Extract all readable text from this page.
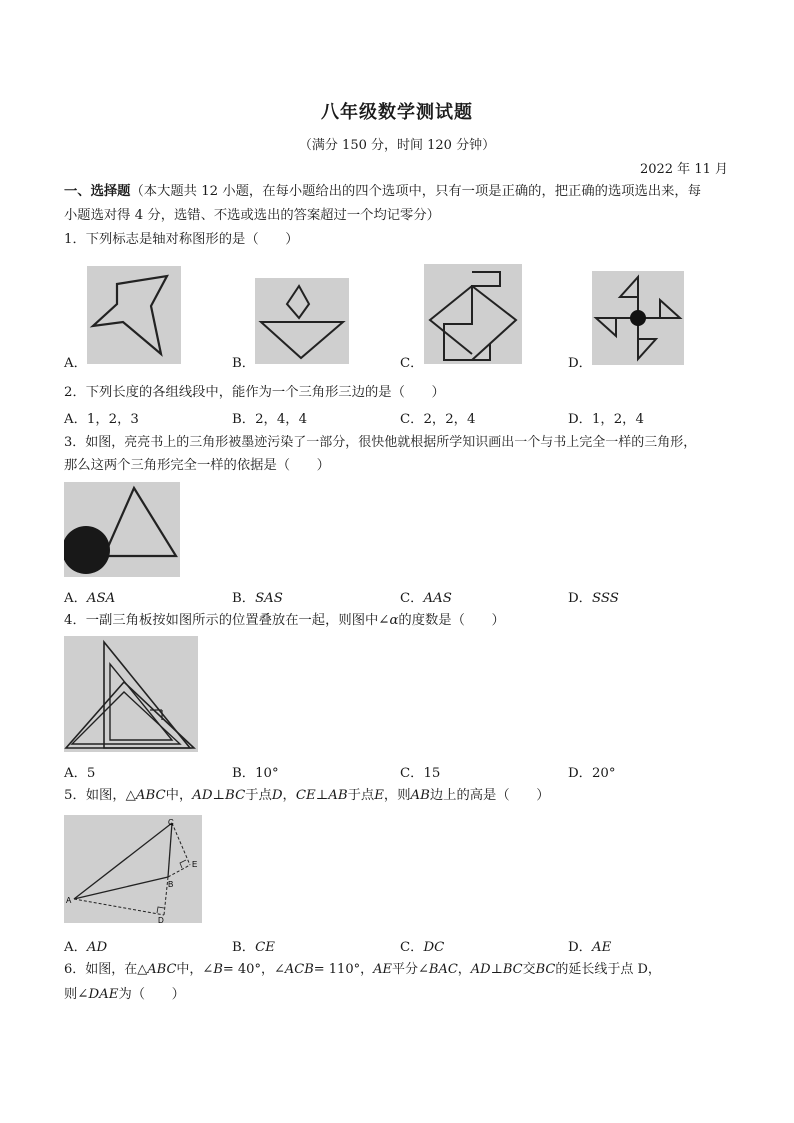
八年级数学测试题
（满分 150 分，时间 120 分钟）
2022 年 11 月
一、选择题（本大题共 12 小题，在每小题给出的四个选项中，只有一项是正确的，把正确的选项选出来，每
小题选对得 4 分，选错、不选或选出的答案超过一个均记零分）
1．下列标志是轴对称图形的是（　　）
A．	B．	C．	D．
2．下列长度的各组线段中，能作为一个三角形三边的是（　　）
A．1，2，3	B．2，4，4	C．2，2，4	D．1，2，4
3．如图，亮亮书上的三角形被墨迹污染了一部分，很快他就根据所学知识画出一个与书上完全一样的三角形，
那么这两个三角形完全一样的依据是（　　）
A．ASA	B．SAS	C．AAS	D．SSS
4．一副三角板按如图所示的位置叠放在一起，则图中∠α的度数是（　　）
A．5	B．10°	C．15	D．20°
5．如图，△ABC中，AD⊥BC于点D，CE⊥AB于点E，则AB边上的高是（　　）
C
E
B
A
D
A．AD	B．CE	C．DC	D．AE
6．如图，在△ABC中，∠B= 40°，∠ACB= 110°，AE平分∠BAC，AD⊥BC交BC的延长线于点 D，
则∠DAE为（　　）
